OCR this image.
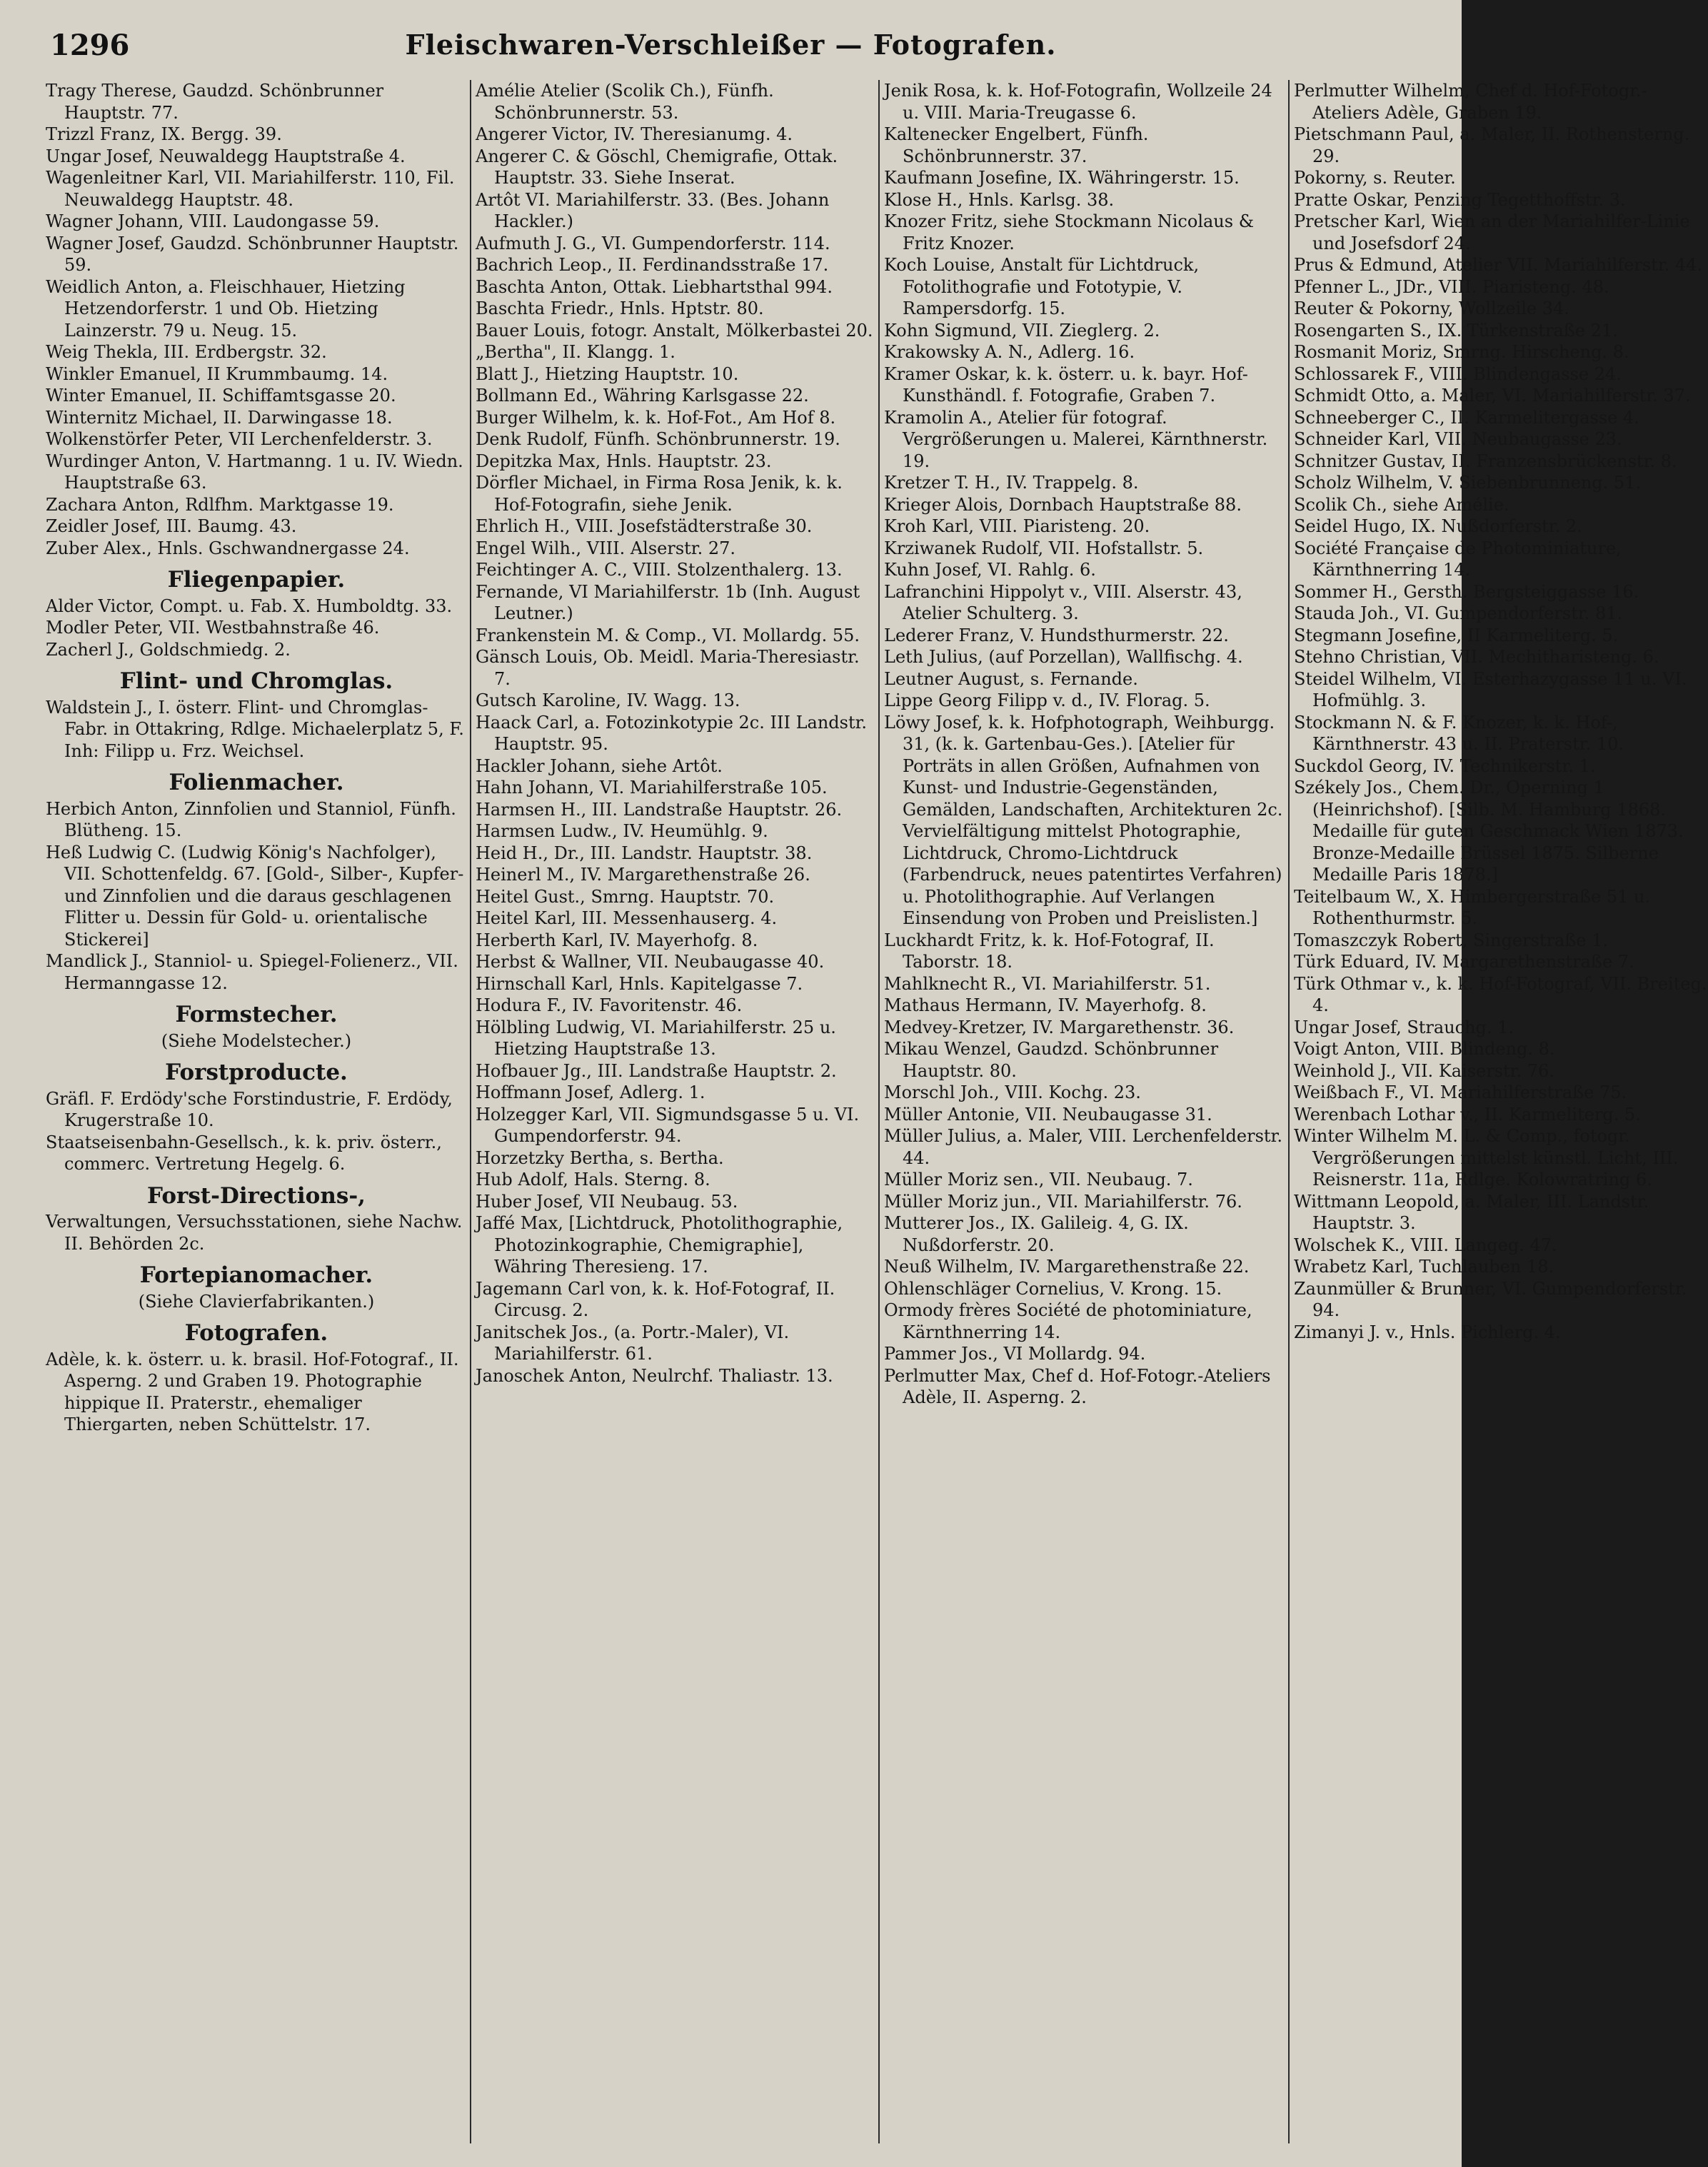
1296	Fleischwaren-Verschleißer — Fotografen.

Tragy Therese, Gaudzd. Schönbrunner Hauptstr. 77.

Trizzl Franz, IX. Bergg. 39.

Ungar Josef, Neuwaldegg Hauptstraße 4.

Wagenleitner Karl, VII. Mariahilferstr. 110, Fil. Neuwaldegg Hauptstr. 48.

Wagner Johann, VIII. Laudongasse 59.

Wagner Josef, Gaudzd. Schönbrunner Hauptstr. 59.

Weidlich Anton, a. Fleischhauer, Hietzing Hetzendorferstr. 1 und Ob. Hietzing Lainzerstr. 79 u. Neug. 15.

Weig Thekla, III. Erdbergstr. 32.

Winkler Emanuel, II Krummbaumg. 14.

Winter Emanuel, II. Schiffamtsgasse 20.

Winternitz Michael, II. Darwingasse 18.

Wolkenstörfer Peter, VII Lerchenfelderstr. 3.

Wurdinger Anton, V. Hartmanng. 1 u. IV. Wiedn. Hauptstraße 63.

Zachara Anton, Rdlfhm. Marktgasse 19.

Zeidler Josef, III. Baumg. 43.

Zuber Alex., Hnls. Gschwandnergasse 24.

Fliegenpapier.

Alder Victor, Compt. u. Fab. X. Humboldtg. 33.

Modler Peter, VII. Westbahnstraße 46.

Zacherl J., Goldschmiedg. 2.

Flint- und Chromglas.

Waldstein J., I. österr. Flint- und Chromglas-Fabr. in Ottakring, Rdlge. Michaelerplatz 5, F. Inh: Filipp u. Frz. Weichsel.

Folienmacher.

Herbich Anton, Zinnfolien und Stanniol, Fünfh. Blütheng. 15.

Heß Ludwig C. (Ludwig König's Nachfolger), VII. Schottenfeldg. 67. [Gold-, Silber-, Kupfer- und Zinnfolien und die daraus geschlagenen Flitter u. Dessin für Gold- u. orientalische Stickerei]

Mandlick J., Stanniol- u. Spiegel-Folienerz., VII. Hermanngasse 12.

Formstecher.

(Siehe Modelstecher.)

Forstproducte.

Gräfl. F. Erdödy'sche Forstindustrie, F. Erdödy, Krugerstraße 10.

Staatseisenbahn-Gesellsch., k. k. priv. österr., commerc. Vertretung Hegelg. 6.

Forst-Directions-,

Verwaltungen, Versuchsstationen, siehe Nachw. II. Behörden 2c.

Fortepianomacher.

(Siehe Clavierfabrikanten.)

Fotografen.

Adèle, k. k. österr. u. k. brasil. Hof-Fotograf., II. Asperng. 2 und Graben 19. Photographie hippique II. Praterstr., ehemaliger Thiergarten, neben Schüttelstr. 17.

Amélie Atelier (Scolik Ch.), Fünfh. Schönbrunnerstr. 53.

Angerer Victor, IV. Theresianumg. 4.

Angerer C. & Göschl, Chemigrafie, Ottak. Hauptstr. 33. Siehe Inserat.

Artôt VI. Mariahilferstr. 33. (Bes. Johann Hackler.)

Aufmuth J. G., VI. Gumpendorferstr. 114.

Bachrich Leop., II. Ferdinandsstraße 17.

Baschta Anton, Ottak. Liebhartsthal 994.

Baschta Friedr., Hnls. Hptstr. 80.

Bauer Louis, fotogr. Anstalt, Mölkerbastei 20.

„Bertha", II. Klangg. 1.

Blatt J., Hietzing Hauptstr. 10.

Bollmann Ed., Währing Karlsgasse 22.

Burger Wilhelm, k. k. Hof-Fot., Am Hof 8.

Denk Rudolf, Fünfh. Schönbrunnerstr. 19.

Depitzka Max, Hnls. Hauptstr. 23.

Dörfler Michael, in Firma Rosa Jenik, k. k. Hof-Fotografin, siehe Jenik.

Ehrlich H., VIII. Josefstädterstraße 30.

Engel Wilh., VIII. Alserstr. 27.

Feichtinger A. C., VIII. Stolzenthalerg. 13.

Fernande, VI Mariahilferstr. 1b (Inh. August Leutner.)

Frankenstein M. & Comp., VI. Mollardg. 55.

Gänsch Louis, Ob. Meidl. Maria-Theresiastr. 7.

Gutsch Karoline, IV. Wagg. 13.

Haack Carl, a. Fotozinkotypie 2c. III Landstr. Hauptstr. 95.

Hackler Johann, siehe Artôt.

Hahn Johann, VI. Mariahilferstraße 105.

Harmsen H., III. Landstraße Hauptstr. 26.

Harmsen Ludw., IV. Heumühlg. 9.

Heid H., Dr., III. Landstr. Hauptstr. 38.

Heinerl M., IV. Margarethenstraße 26.

Heitel Gust., Smrng. Hauptstr. 70.

Heitel Karl, III. Messenhauserg. 4.

Herberth Karl, IV. Mayerhofg. 8.

Herbst & Wallner, VII. Neubaugasse 40.

Hirnschall Karl, Hnls. Kapitelgasse 7.

Hodura F., IV. Favoritenstr. 46.

Hölbling Ludwig, VI. Mariahilferstr. 25 u. Hietzing Hauptstraße 13.

Hofbauer Jg., III. Landstraße Hauptstr. 2.

Hoffmann Josef, Adlerg. 1.

Holzegger Karl, VII. Sigmundsgasse 5 u. VI. Gumpendorferstr. 94.

Horzetzky Bertha, s. Bertha.

Hub Adolf, Hals. Sterng. 8.

Huber Josef, VII Neubaug. 53.

Jaffé Max, [Lichtdruck, Photolithographie, Photozinkographie, Chemigraphie], Währing Theresieng. 17.

Jagemann Carl von, k. k. Hof-Fotograf, II. Circusg. 2.

Janitschek Jos., (a. Portr.-Maler), VI. Mariahilferstr. 61.

Janoschek Anton, Neulrchf. Thaliastr. 13.

Jenik Rosa, k. k. Hof-Fotografin, Wollzeile 24 u. VIII. Maria-Treugasse 6.

Kaltenecker Engelbert, Fünfh. Schönbrunnerstr. 37.

Kaufmann Josefine, IX. Währingerstr. 15.

Klose H., Hnls. Karlsg. 38.

Knozer Fritz, siehe Stockmann Nicolaus & Fritz Knozer.

Koch Louise, Anstalt für Lichtdruck, Fotolithografie und Fototypie, V. Rampersdorfg. 15.

Kohn Sigmund, VII. Zieglerg. 2.

Krakowsky A. N., Adlerg. 16.

Kramer Oskar, k. k. österr. u. k. bayr. Hof-Kunsthändl. f. Fotografie, Graben 7.

Kramolin A., Atelier für fotograf. Vergrößerungen u. Malerei, Kärnthnerstr. 19.

Kretzer T. H., IV. Trappelg. 8.

Krieger Alois, Dornbach Hauptstraße 88.

Kroh Karl, VIII. Piaristeng. 20.

Krziwanek Rudolf, VII. Hofstallstr. 5.

Kuhn Josef, VI. Rahlg. 6.

Lafranchini Hippolyt v., VIII. Alserstr. 43, Atelier Schulterg. 3.

Lederer Franz, V. Hundsthurmerstr. 22.

Leth Julius, (auf Porzellan), Wallfischg. 4.

Leutner August, s. Fernande.

Lippe Georg Filipp v. d., IV. Florag. 5.

Löwy Josef, k. k. Hofphotograph, Weihburgg. 31, (k. k. Gartenbau-Ges.). [Atelier für Porträts in allen Größen, Aufnahmen von Kunst- und Industrie-Gegenständen, Gemälden, Landschaften, Architekturen 2c. Vervielfältigung mittelst Photographie, Lichtdruck, Chromo-Lichtdruck (Farbendruck, neues patentirtes Verfahren) u. Photolithographie. Auf Verlangen Einsendung von Proben und Preislisten.]

Luckhardt Fritz, k. k. Hof-Fotograf, II. Taborstr. 18.

Mahlknecht R., VI. Mariahilferstr. 51.

Mathaus Hermann, IV. Mayerhofg. 8.

Medvey-Kretzer, IV. Margarethenstr. 36.

Mikau Wenzel, Gaudzd. Schönbrunner Hauptstr. 80.

Morschl Joh., VIII. Kochg. 23.

Müller Antonie, VII. Neubaugasse 31.

Müller Julius, a. Maler, VIII. Lerchenfelderstr. 44.

Müller Moriz sen., VII. Neubaug. 7.

Müller Moriz jun., VII. Mariahilferstr. 76.

Mutterer Jos., IX. Galileig. 4, G. IX. Nußdorferstr. 20.

Neuß Wilhelm, IV. Margarethenstraße 22.

Ohlenschläger Cornelius, V. Krong. 15.

Ormody frères Société de photominiature, Kärnthnerring 14.

Pammer Jos., VI Mollardg. 94.

Perlmutter Max, Chef d. Hof-Fotogr.-Ateliers Adèle, II. Asperng. 2.

Perlmutter Wilhelm, Chef d. Hof-Fotogr.-Ateliers Adèle, Graben 19.

Pietschmann Paul, a. Maler, II. Rothensterng. 29.

Pokorny, s. Reuter.

Pratte Oskar, Penzing Tegetthoffstr. 3.

Pretscher Karl, Wien an der Mariahilfer-Linie und Josefsdorf 24.

Prus & Edmund, Atelier VII. Mariahilferstr. 44.

Pfenner L., JDr., VIII. Piaristeng. 48.

Reuter & Pokorny, Wollzeile 34.

Rosengarten S., IX. Türkenstraße 21.

Rosmanit Moriz, Smrng. Hirscheng. 8.

Schlossarek F., VIII. Blindengasse 24.

Schmidt Otto, a. Maler, VI. Mariahilferstr. 37.

Schneeberger C., II. Karmelitergasse 4.

Schneider Karl, VII. Neubaugasse 23.

Schnitzer Gustav, II. Franzensbrückenstr. 8.

Scholz Wilhelm, V. Siebenbrunneng. 51.

Scolik Ch., siehe Amélie.

Seidel Hugo, IX. Nußdorferstr. 2.

Société Française de Photominiature, Kärnthnerring 14.

Sommer H., Gersth. Bergsteiggasse 16.

Stauda Joh., VI. Gumpendorferstr. 81.

Stegmann Josefine, II Karmeliterg. 5.

Stehno Christian, VII. Mechitharisteng. 6.

Steidel Wilhelm, VI. Esterhazygasse 11 u. VI. Hofmühlg. 3.

Stockmann N. & F. Knozer, k. k. Hof-, Kärnthnerstr. 43 u. II. Praterstr. 10.

Suckdol Georg, IV. Technikerstr. 1.

Székely Jos., Chem. Dr., Operning 1 (Heinrichshof). [Silb. M. Hamburg 1868. Medaille für guten Geschmack Wien 1873. Bronze-Medaille Brüssel 1875. Silberne Medaille Paris 1878.]

Teitelbaum W., X. Himbergerstraße 51 u. Rothenthurmstr. 5.

Tomaszczyk Robert, Singerstraße 1.

Türk Eduard, IV. Margarethenstraße 7.

Türk Othmar v., k. k. Hof-Fotograf, VII. Breiteg. 4.

Ungar Josef, Strauchg. 1.

Voigt Anton, VIII. Blindeng. 8.

Weinhold J., VII. Kaiserstr. 76.

Weißbach F., VI. Mariahilferstraße 75.

Werenbach Lothar v., II. Karmeliterg. 5.

Winter Wilhelm M. L. & Comp., fotogr. Vergrößerungen mittelst künstl. Licht, III. Reisnerstr. 11a, Rdlge. Kolowratring 6.

Wittmann Leopold, a. Maler, III. Landstr. Hauptstr. 3.

Wolschek K., VIII. Langeg. 47.

Wrabetz Karl, Tuchlauben 18.

Zaunmüller & Brunner, VI. Gumpendorferstr. 94.

Zimanyi J. v., Hnls. Pichlerg. 4.
